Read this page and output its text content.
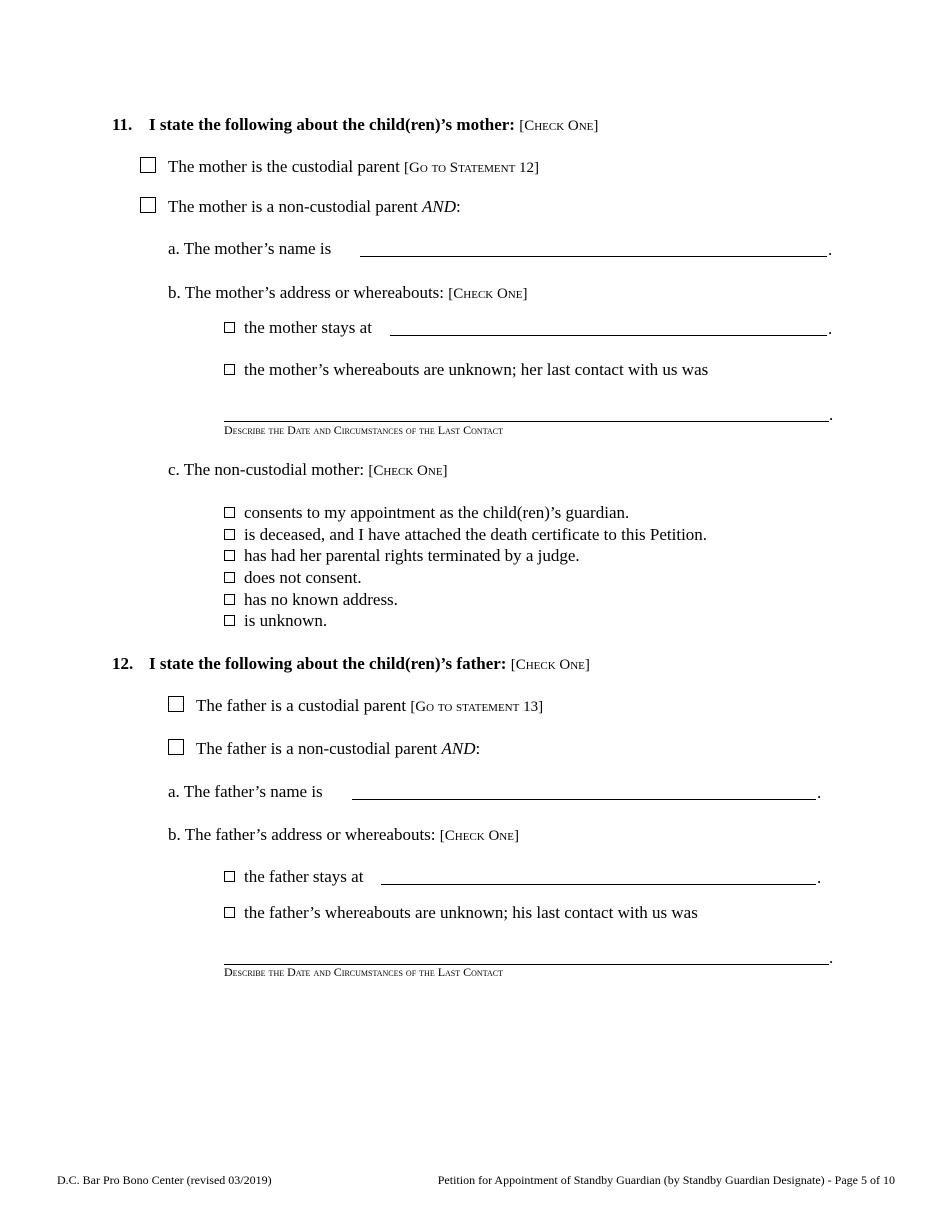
11. I state the following about the child(ren)’s mother: [Check One]
The mother is the custodial parent [Go to Statement 12]
The mother is a non-custodial parent AND:
a. The mother’s name is	.
b. The mother’s address or whereabouts: [Check One]
the mother stays at	.
the mother’s whereabouts are unknown; her last contact with us was
.
Describe the Date and Circumstances of the Last Contact
c. The non-custodial mother: [Check One]
consents to my appointment as the child(ren)’s guardian.
is deceased, and I have attached the death certificate to this Petition.
has had her parental rights terminated by a judge.
does not consent.
has no known address.
is unknown.
12. I state the following about the child(ren)’s father: [Check One]
The father is a custodial parent [Go to statement 13]
The father is a non-custodial parent AND:
a. The father’s name is	.
b. The father’s address or whereabouts: [Check One]
the father stays at	.
the father’s whereabouts are unknown; his last contact with us was
.
Describe the Date and Circumstances of the Last Contact
D.C. Bar Pro Bono Center (revised 03/2019)	Petition for Appointment of Standby Guardian (by Standby Guardian Designate) - Page 5 of 10
